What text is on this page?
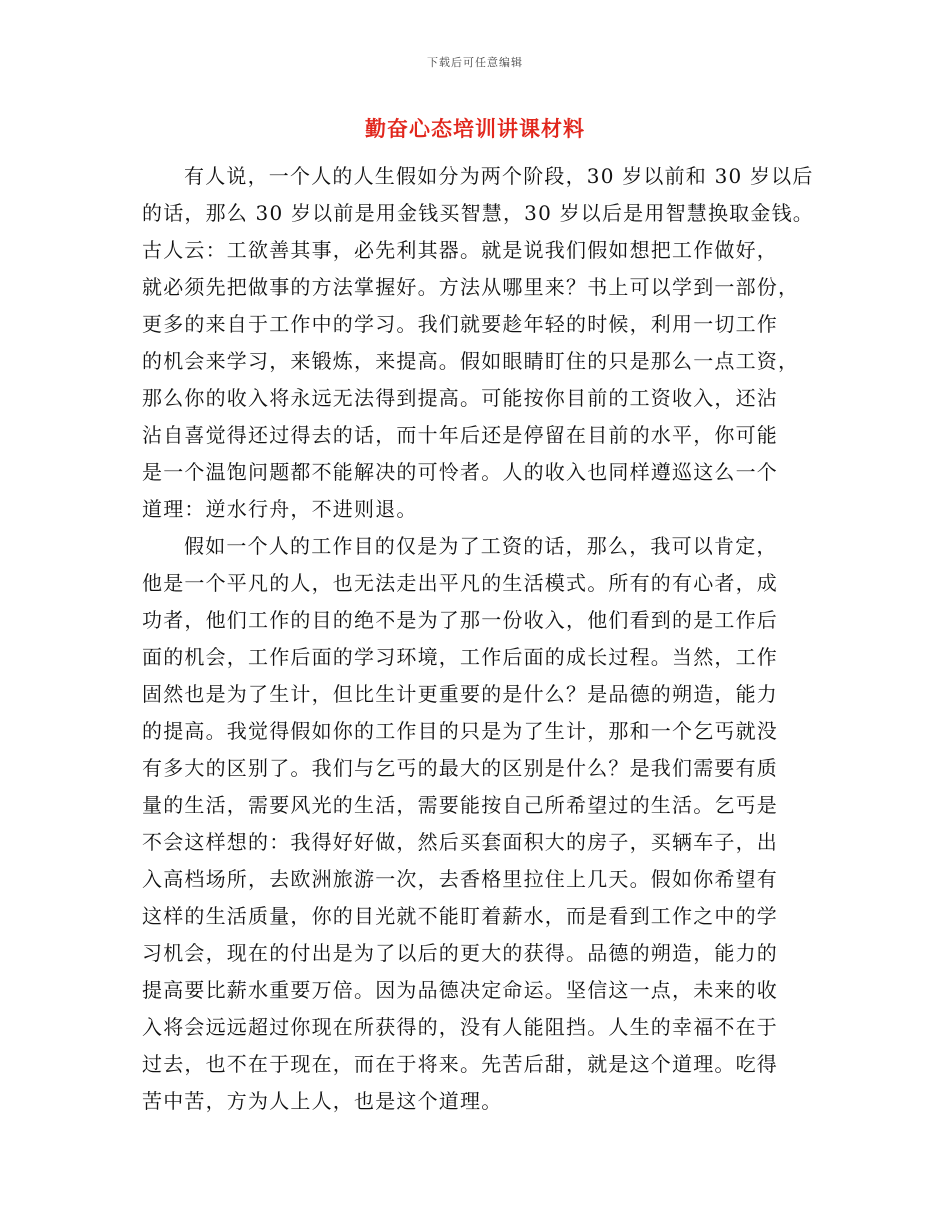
下载后可任意编辑
勤奋心态培训讲课材料
有人说，一个人的人生假如分为两个阶段，30 岁以前和 30 岁以后
的话，那么 30 岁以前是用金钱买智慧，30 岁以后是用智慧换取金钱。
古人云：工欲善其事，必先利其器。就是说我们假如想把工作做好，
就必须先把做事的方法掌握好。方法从哪里来？书上可以学到一部份，
更多的来自于工作中的学习。我们就要趁年轻的时候，利用一切工作
的机会来学习，来锻炼，来提高。假如眼睛盯住的只是那么一点工资，
那么你的收入将永远无法得到提高。可能按你目前的工资收入，还沾
沾自喜觉得还过得去的话，而十年后还是停留在目前的水平，你可能
是一个温饱问题都不能解决的可怜者。人的收入也同样遵巡这么一个
道理：逆水行舟，不进则退。
假如一个人的工作目的仅是为了工资的话，那么，我可以肯定，
他是一个平凡的人，也无法走出平凡的生活模式。所有的有心者，成
功者，他们工作的目的绝不是为了那一份收入，他们看到的是工作后
面的机会，工作后面的学习环境，工作后面的成长过程。当然，工作
固然也是为了生计，但比生计更重要的是什么？是品德的朔造，能力
的提高。我觉得假如你的工作目的只是为了生计，那和一个乞丐就没
有多大的区别了。我们与乞丐的最大的区别是什么？是我们需要有质
量的生活，需要风光的生活，需要能按自己所希望过的生活。乞丐是
不会这样想的：我得好好做，然后买套面积大的房子，买辆车子，出
入高档场所，去欧洲旅游一次，去香格里拉住上几天。假如你希望有
这样的生活质量，你的目光就不能盯着薪水，而是看到工作之中的学
习机会，现在的付出是为了以后的更大的获得。品德的朔造，能力的
提高要比薪水重要万倍。因为品德决定命运。坚信这一点，未来的收
入将会远远超过你现在所获得的，没有人能阻挡。人生的幸福不在于
过去，也不在于现在，而在于将来。先苦后甜，就是这个道理。吃得
苦中苦，方为人上人，也是这个道理。
